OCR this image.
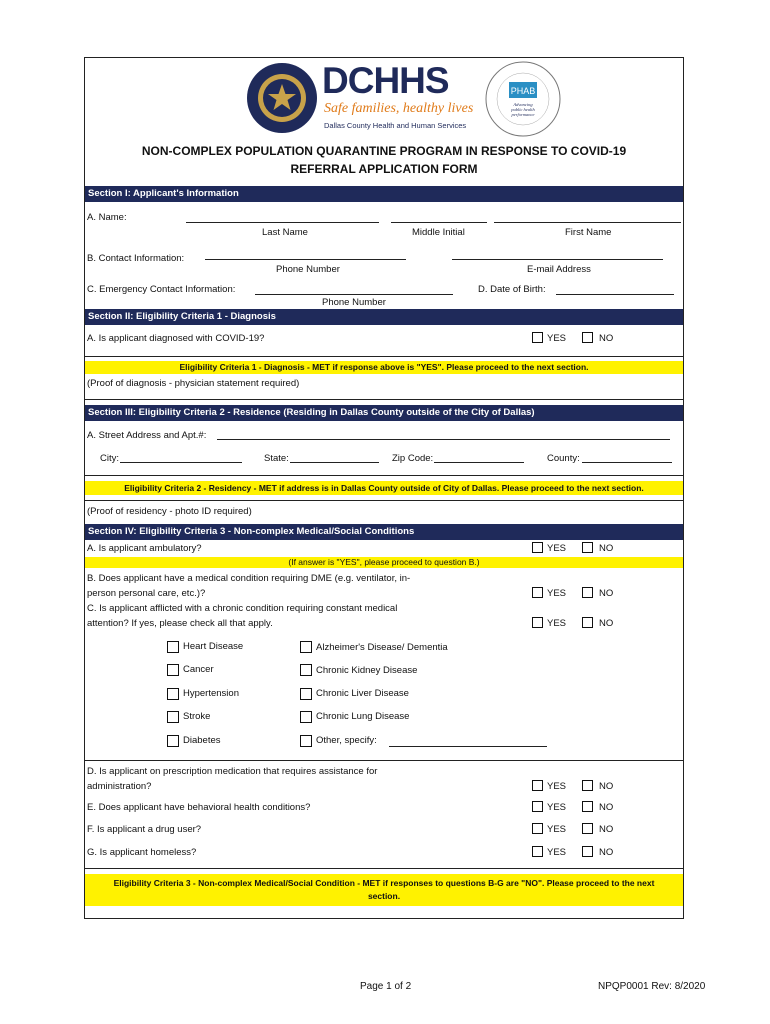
DCHHS
Safe families, healthy lives
Dallas County Health and Human Services
PHAB
Advancing
public health
performance
NON-COMPLEX POPULATION QUARANTINE PROGRAM IN RESPONSE TO COVID-19
REFERRAL APPLICATION FORM
Section I: Applicant's Information
A. Name:
Last Name	Middle Initial	First Name
B. Contact Information:
Phone Number	E-mail Address
C. Emergency Contact Information:	D. Date of Birth:
Phone Number
Section II: Eligibility Criteria 1 - Diagnosis
A. Is applicant diagnosed with COVID-19?	YES	NO
Eligibility Criteria 1 - Diagnosis - MET if response above is "YES". Please proceed to the next section.
(Proof of diagnosis - physician statement required)
Section III: Eligibility Criteria 2 - Residence (Residing in Dallas County outside of the City of Dallas)
A. Street Address and Apt.#:
City:	State:	Zip Code:	County:
Eligibility Criteria 2 - Residency - MET if address is in Dallas County outside of City of Dallas. Please proceed to the next section.
(Proof of residency - photo ID required)
Section IV: Eligibility Criteria 3 - Non-complex Medical/Social Conditions
A. Is applicant ambulatory?	YES	NO
(If answer is "YES", please proceed to question B.)
B. Does applicant have a medical condition requiring DME (e.g. ventilator, in-
person personal care, etc.)?	YES	NO
C. Is applicant afflicted with a chronic condition requiring constant medical
attention? If yes, please check all that apply.	YES	NO
Heart Disease
Cancer
Hypertension
Stroke
Diabetes
Alzheimer's Disease/ Dementia
Chronic Kidney Disease
Chronic Liver Disease
Chronic Lung Disease
Other, specify:
D. Is applicant on prescription medication that requires assistance for
administration?	YES	NO
E. Does applicant have behavioral health conditions?	YES	NO
F. Is applicant a drug user?	YES	NO
G. Is applicant homeless?	YES	NO
Eligibility Criteria 3 - Non-complex Medical/Social Condition - MET if responses to questions B-G are "NO". Please proceed to the next
section.
Page 1 of 2	NPQP0001 Rev: 8/2020
